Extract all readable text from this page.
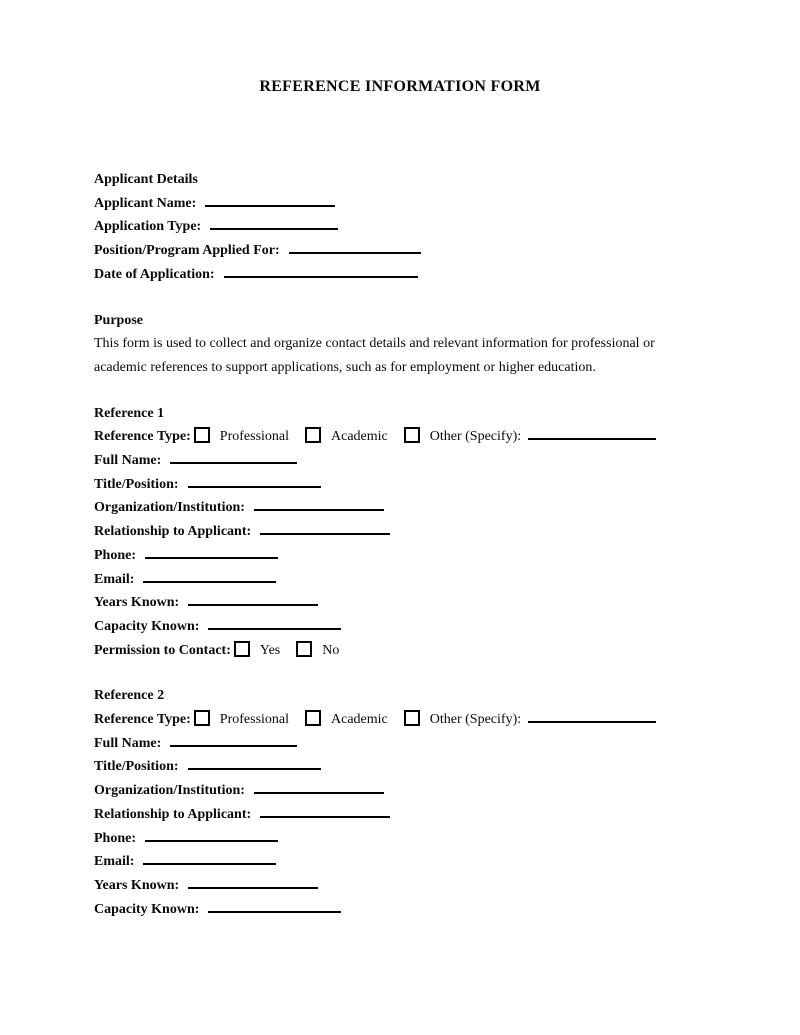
REFERENCE INFORMATION FORM
Applicant Details
Applicant Name:
Application Type:
Position/Program Applied For:
Date of Application:
Purpose

This form is used to collect and organize contact details and relevant information for professional or academic references to support applications, such as for employment or higher education.

Reference 1
Reference Type: Professional	Academic	Other (Specify):
Full Name:
Title/Position:
Organization/Institution:
Relationship to Applicant:
Phone:
Email:
Years Known:
Capacity Known:
Permission to Contact: Yes	No
Reference 2
Reference Type: Professional	Academic	Other (Specify):
Full Name:
Title/Position:
Organization/Institution:
Relationship to Applicant:
Phone:
Email:
Years Known:
Capacity Known:
